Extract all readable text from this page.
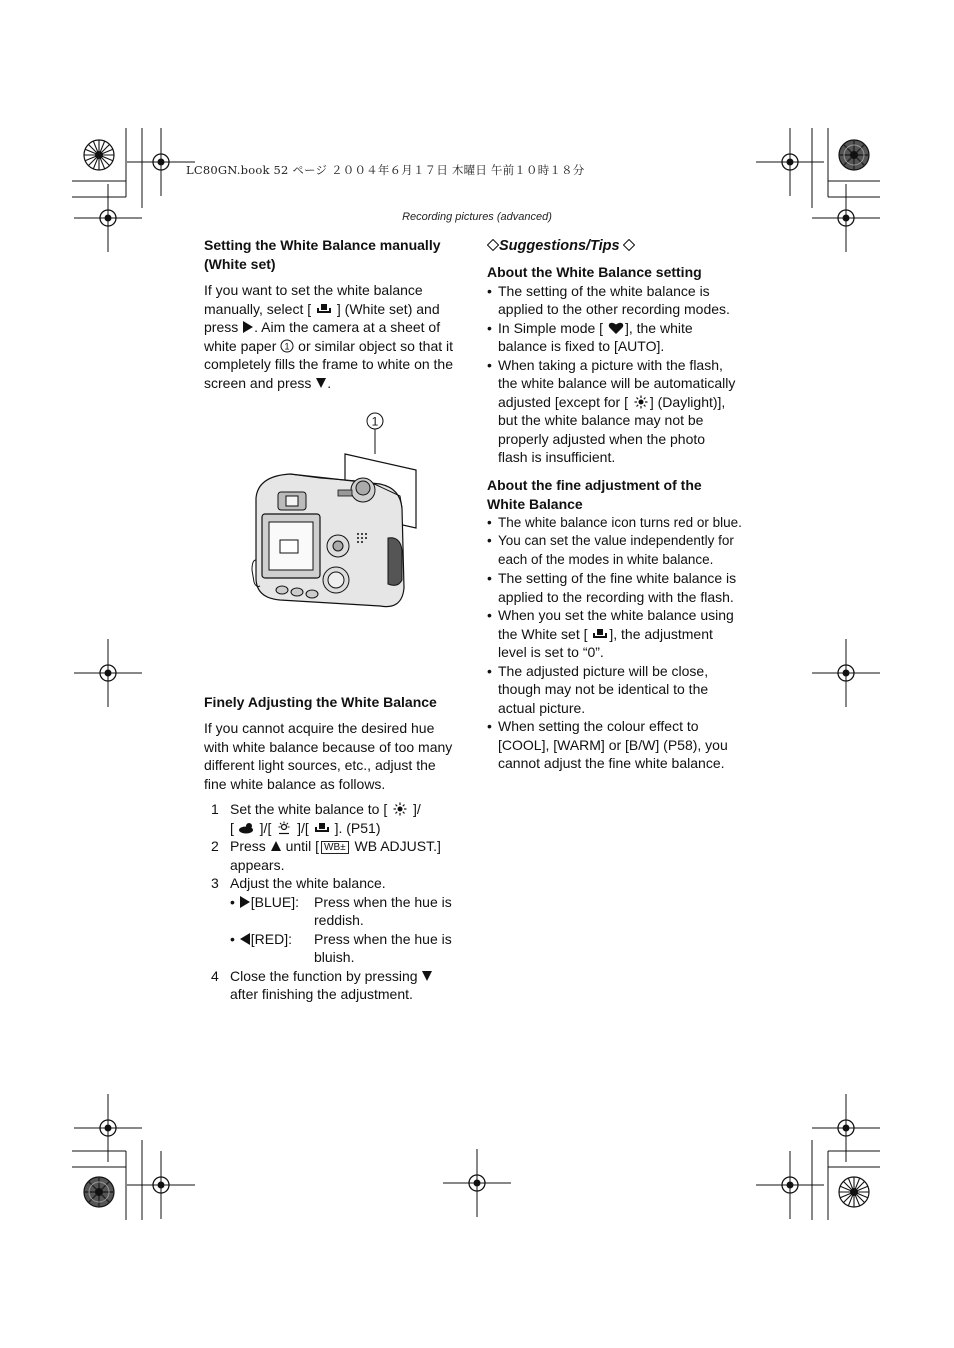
LC80GN.book 52 ページ ２００４年６月１７日 木曜日 午前１０時１８分
Recording pictures (advanced)
Setting the White Balance manually
(White set)

If you want to set the white balance
manually, select [ ] (White set) and
press . Aim the camera at a sheet of
white paper 1 or similar object so that it
completely fills the frame to white on the
screen and press .

Finely Adjusting the White Balance

If you cannot acquire the desired hue
with white balance because of too many
different light sources, etc., adjust the
fine white balance as follows.

1 Set the white balance to [ ]/
[ ]/[ ]/[ ]. (P51)
2 Press until [ WB± WB ADJUST.]
appears.
3 Adjust the white balance.
• [BLUE]:	Press when the hue is
reddish.
• [RED]:	Press when the hue is
bluish.
4 Close the function by pressing
after finishing the adjustment.
1
Suggestions/Tips
About the White Balance setting
• The setting of the white balance is
applied to the other recording modes.
• In Simple mode [ ], the white
balance is fixed to [AUTO].
• When taking a picture with the flash,
the white balance will be automatically
adjusted [except for [ ] (Daylight)],
but the white balance may not be
properly adjusted when the photo
flash is insufficient.
About the fine adjustment of the
White Balance
• The white balance icon turns red or blue.
• You can set the value independently for
each of the modes in white balance.
• The setting of the fine white balance is
applied to the recording with the flash.
• When you set the white balance using
the White set [ ], the adjustment
level is set to “0”.
• The adjusted picture will be close,
though may not be identical to the
actual picture.
• When setting the colour effect to
[COOL], [WARM] or [B/W] (P58), you
cannot adjust the fine white balance.
